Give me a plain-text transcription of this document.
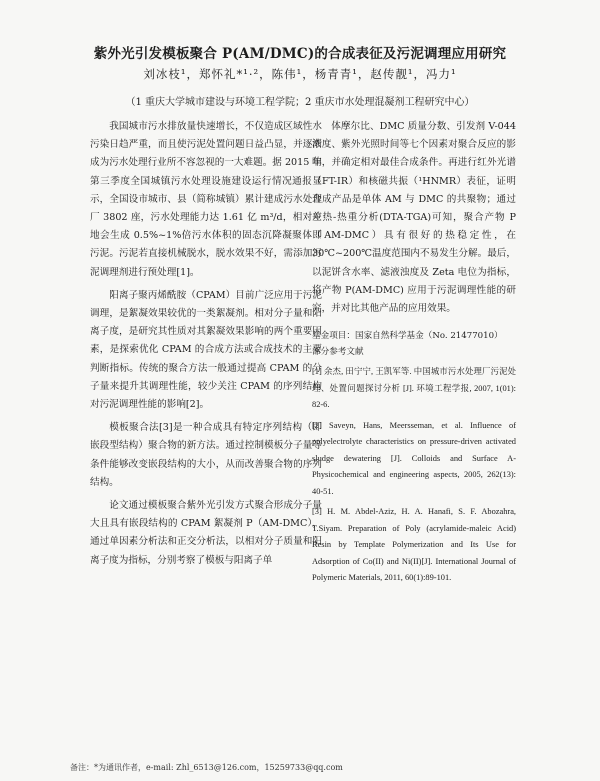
紫外光引发模板聚合 P(AM/DMC)的合成表征及污泥调理应用研究
刘冰枝¹，郑怀礼*¹·²，陈伟¹，杨青青¹，赵传靓¹，冯力¹
（1 重庆大学城市建设与环境工程学院；2 重庆市水处理混凝剂工程研究中心）

我国城市污水排放量快速增长，不仅造成区域性水污染日趋严重，而且使污泥处置问题日益凸显，并逐渐成为污水处理行业所不容忽视的一大难题。据 2015 年第三季度全国城镇污水处理设施建设运行情况通报显示，全国设市城市、县（简称城镇）累计建成污水处理厂 3802 座，污水处理能力达 1.61 亿 m³/d，相对应地会生成 0.5%~1%倍污水体积的固态沉降凝聚体即污泥。污泥若直接机械脱水，脱水效果不好，需添加污泥调理剂进行预处理[1]。

阳离子聚丙烯酰胺（CPAM）目前广泛应用于污泥调理，是絮凝效果较优的一类絮凝剂。相对分子量和阳离子度，是研究其性质对其絮凝效果影响的两个重要因素，是探索优化 CPAM 的合成方法或合成技术的主要判断指标。传统的聚合方法一般通过提高 CPAM 的分子量来提升其调理性能，较少关注 CPAM 的序列结构对污泥调理性能的影响[2]。

模板聚合法[3]是一种合成具有特定序列结构（即嵌段型结构）聚合物的新方法。通过控制模板分子量等条件能够改变嵌段结构的大小，从而改善聚合物的序列结构。

论文通过模板聚合紫外光引发方式聚合形成分子量大且具有嵌段结构的 CPAM 絮凝剂 P（AM-DMC），通过单因素分析法和正交分析法，以相对分子质量和阳离子度为指标，分别考察了模板与阳离子单

体摩尔比、DMC 质量分数、引发剂 V-044 浓度、紫外光照时间等七个因素对聚合反应的影响，并确定相对最佳合成条件。再进行红外光谱（FT-IR）和核磁共振（¹HNMR）表征，证明合成产品是单体 AM 与 DMC 的共聚物；通过差热-热重分析(DTA-TGA)可知，聚合产物 P（AM-DMC）具有很好的热稳定性，在 30℃~200℃温度范围内不易发生分解。最后，以泥饼含水率、滤液浊度及 Zeta 电位为指标，将产物 P(AM-DMC) 应用于污泥调理性能的研究，并对比其他产品的应用效果。

基金项目：国家自然科学基金（No. 21477010）

部分参考文献

[1] 余杰, 田宁宁, 王凯军等. 中国城市污水处理厂污泥处理、处置问题探讨分析 [J]. 环境工程学报, 2007, 1(01): 82-6.

[2] Saveyn, Hans, Meersseman, et al. Influence of polyelectrolyte characteristics on pressure-driven activated sludge dewatering [J]. Colloids and Surface A-Physicochemical and engineering aspects, 2005, 262(13): 40-51.

[3] H. M. Abdel-Aziz, H. A. Hanafi, S. F. Abozahra, T.Siyam. Preparation of Poly (acrylamide-maleic Acid) Resin by Template Polymerization and Its Use for Adsorption of Co(II) and Ni(II)[J]. International Journal of Polymeric Materials, 2011, 60(1):89-101.

备注：*为通讯作者，e-mail: Zhl_6513@126.com，15259733@qq.com
